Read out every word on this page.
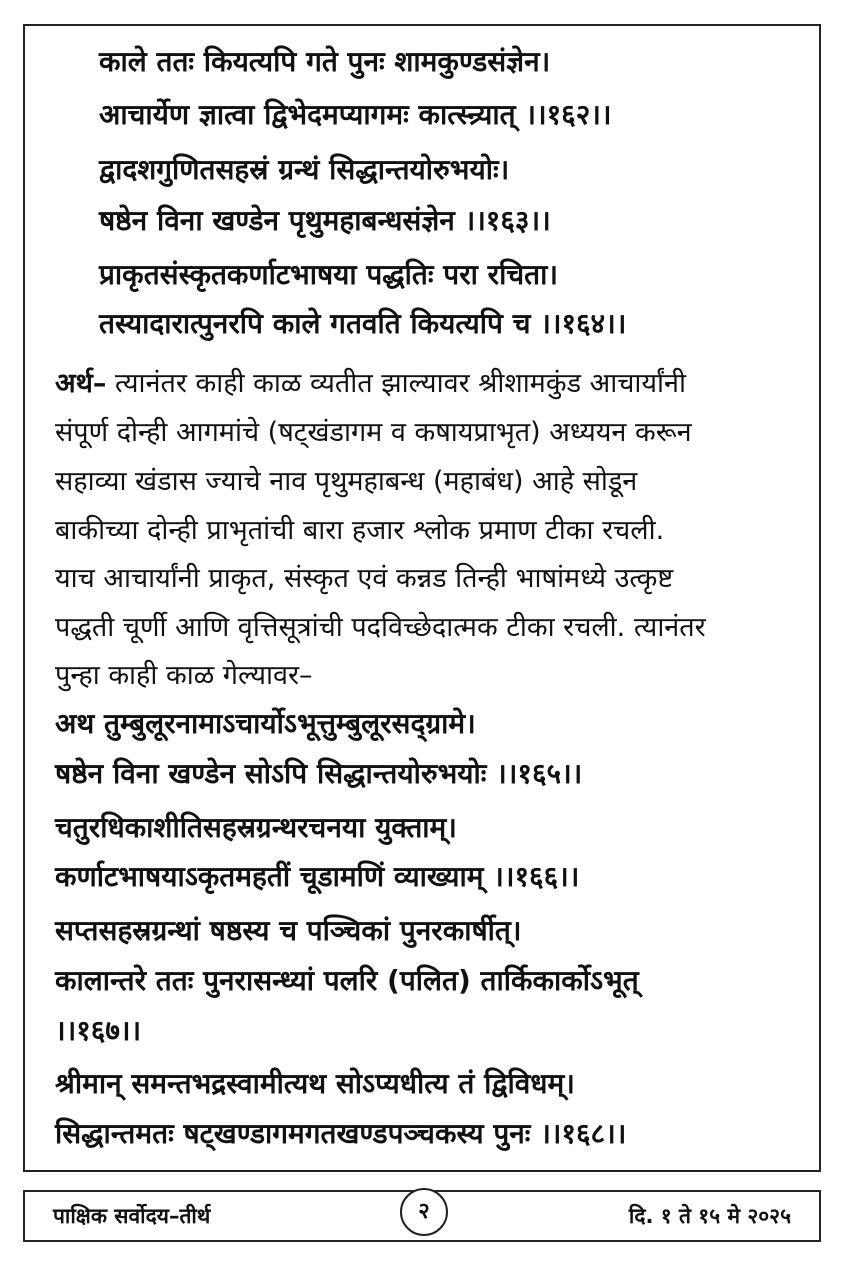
काले ततः कियत्यपि गते पुनः शामकुण्डसंज्ञेन।
आचार्येण ज्ञात्वा द्विभेदमप्यागमः कात्स्न्र्यात् ।।१६२।।
द्वादशगुणितसहस्रं ग्रन्थं सिद्धान्तयोरुभयोः।
षष्ठेन विना खण्डेन पृथुमहाबन्धसंज्ञेन ।।१६३।।
प्राकृतसंस्कृतकर्णाटभाषया पद्धतिः परा रचिता।
तस्यादारात्पुनरपि काले गतवति कियत्यपि च ।।१६४।।
अर्थ– त्यानंतर काही काळ व्यतीत झाल्यावर श्रीशामकुंड आचार्यांनी
संपूर्ण दोन्ही आगमांचे (षट्खंडागम व कषायप्राभृत) अध्ययन करून
सहाव्या खंडास ज्याचे नाव पृथुमहाबन्ध (महाबंध) आहे सोडून
बाकीच्या दोन्ही प्राभृतांची बारा हजार श्लोक प्रमाण टीका रचली.
याच आचार्यांनी प्राकृत, संस्कृत एवं कन्नड तिन्ही भाषांमध्ये उत्कृष्ट
पद्धती चूर्णी आणि वृत्तिसूत्रांची पदविच्छेदात्मक टीका रचली. त्यानंतर
पुन्हा काही काळ गेल्यावर–
अथ तुम्बुलूरनामाऽचार्योऽभूत्तुम्बुलूरसद्ग्रामे।
षष्ठेन विना खण्डेन सोऽपि सिद्धान्तयोरुभयोः ।।१६५।।
चतुरधिकाशीतिसहस्रग्रन्थरचनया युक्ताम्।
कर्णाटभाषयाऽकृतमहतीं चूडामणिं व्याख्याम् ।।१६६।।
सप्तसहस्रग्रन्थां षष्ठस्य च पञ्चिकां पुनरकार्षीत्।
कालान्तरे ततः पुनरासन्ध्यां पलरि (पलित) तार्किकार्कोऽभूत्
।।१६७।।
श्रीमान् समन्तभद्रस्वामीत्यथ सोऽप्यधीत्य तं द्विविधम्।
सिद्धान्तमतः षट्खण्डागमगतखण्डपञ्चकस्य पुनः ।।१६८।।
पाक्षिक सर्वोदय–तीर्थ	२	दि. १ ते १५ मे २०२५
